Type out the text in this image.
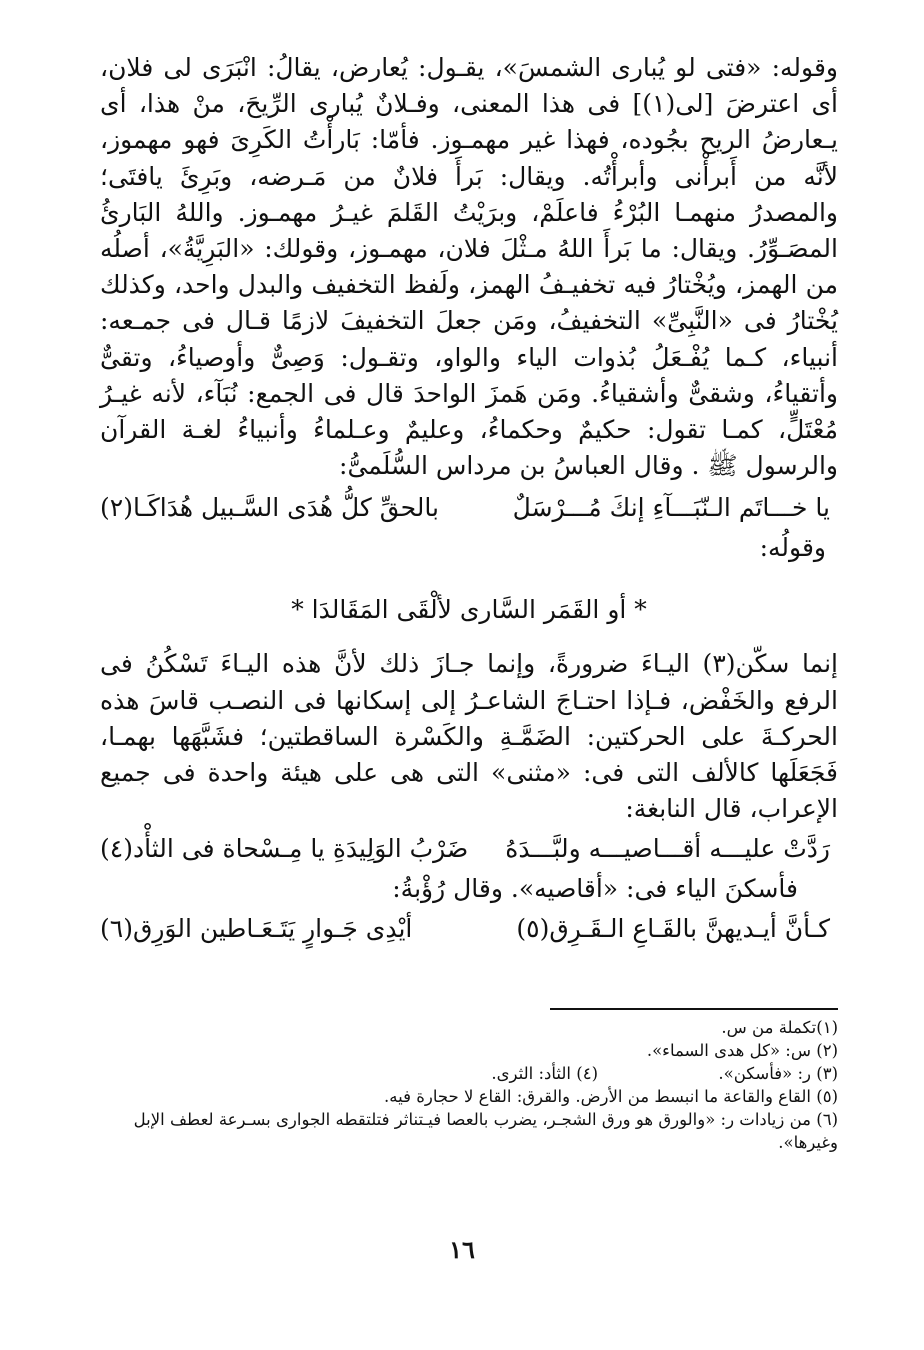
وقوله: «فتى لو يُبارى الشمسَ»، يقـول: يُعارض، يقالُ: انْبَرَى لى فلان، أى اعترضَ [لى(١)] فى هذا المعنى، وفـلانٌ يُبارى الرِّيحَ، منْ هذا، أى يـعارضُ الريح بجُوده، فهذا غير مهمـوز. فأمّا: بَارأْتُ الكَرِىَ فهو مهموز، لأنَّه من أَبرأْنى وأبرأْتُه. ويقال: بَرأَ فلانٌ من مَـرضه، وبَرِئَ يافتَى؛ والمصدرُ منهمـا البُرْءُ فاعلَمْ، وبرَيْتُ القَلمَ غيـرُ مهمـوز. واللهُ البَارئُ المصَـوِّرُ. ويقال: ما بَرأَ اللهُ مـثْلَ فلان، مهمـوز، وقولك: «البَرِيَّةُ»، أصلُه من الهمز، ويُخْتارُ فيه تخفيـفُ الهمز، ولَفظ التخفيف والبدل واحد، وكذلك يُخْتارُ فى «النَّبِىِّ» التخفيفُ، ومَن جعلَ التخفيفَ لازمًا قـال فى جمـعه: أنبياء، كـما يُفْـعَلُ بُذوات الياء والواو، وتقـول: وَصِىٌّ وأوصياءُ، وتقىٌّ وأتقياءُ، وشقىٌّ وأشقياءُ. ومَن هَمزَ الواحدَ قال فى الجمع: نُبَآء، لأنه غيـرُ مُعْتَلٍّ، كمـا تقول: حكيمٌ وحكماءُ، وعليمٌ وعـلماءُ وأنبياءُ لغـة القرآن والرسول ﷺ . وقال العباسُ بن مرداس السُّلَمىُّ:

يا خـــاتَم الـنّبَـــآءِ إنكَ مُـــرْسَلٌ
بالحقِّ كلُّ هُدَى السَّـبيل هُدَاكَـا(٢)

وقولُه:

* أو القَمَر السَّارى لألْقَى المَقَالدَا *

إنما سكّن(٣) اليـاءَ ضرورةً، وإنما جـازَ ذلك لأنَّ هذه اليـاءَ تَسْكُنُ فى الرفع والخَفْض، فـإذا احتـاجَ الشاعـرُ إلى إسكانها فى النصـب قاسَ هذه الحركـةَ على الحركتين: الضَمَّـةِ والكَسْرة الساقطتين؛ فشَبَّهَها بهمـا، فَجَعَلَها كالألف التى فى: «مثنى» التى هى على هيئة واحدة فى جميع الإعراب، قال النابغة:

رَدَّتْ عليـــه أقـــاصيـــه ولبَّـــدَهُ
ضَرْبُ الوَلِيدَةِ يا مِـسْحاة فى الثأْد(٤)

فأسكنَ الياء فى: «أقاصيه». وقال رُؤْبةُ:

كـأنَّ أيـديهنَّ بالقَـاعِ الـقَـرِق(٥)
أيْدِى جَـوارٍ يَتَـعَـاطين الوَرِق(٦)

(١)تكملة من س.

(٢) س: «كل هدى السماء».

(٣) ر: «فأسكن».
(٤) الثأد: الثرى.

(٥) القاع والقاعة ما انبسط من الأرض. والقرق: القاع لا حجارة فيه.

(٦) من زيادات ر: «والورق هو ورق الشجـر، يضرب بالعصا فيـتناثر فتلتقطه الجوارى بسـرعة لعطف الإبل وغيرها».

١٦
